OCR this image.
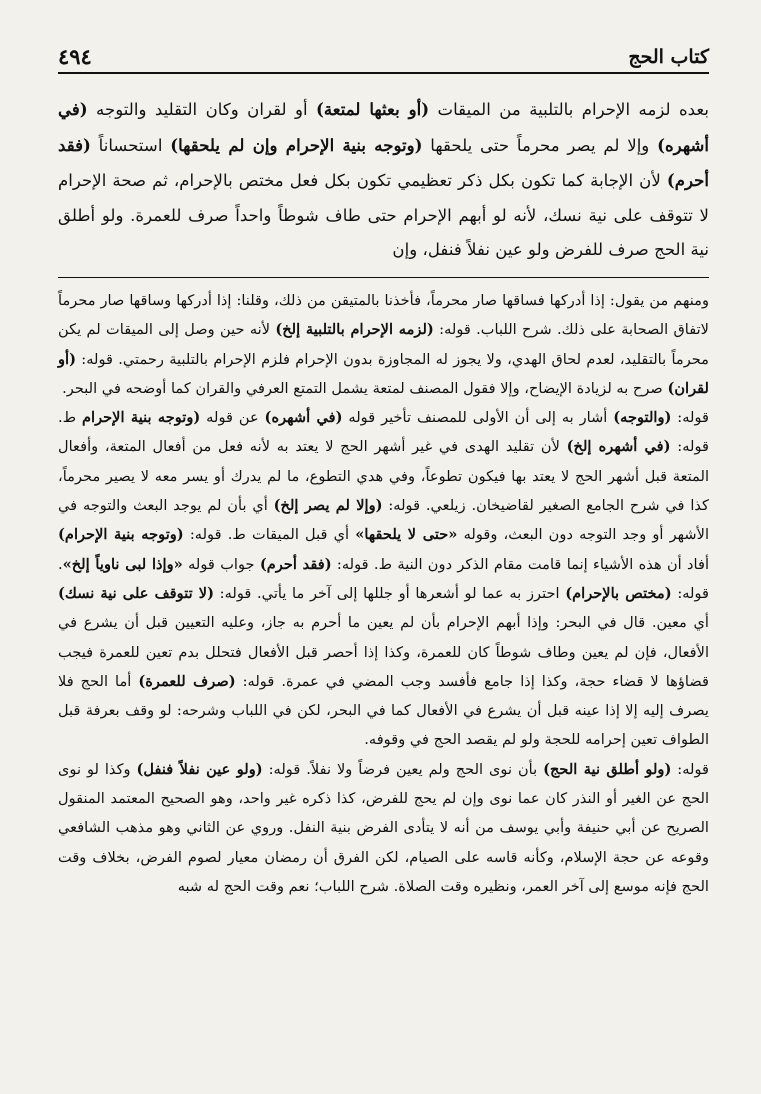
كتاب الحج
٤٩٤

بعده لزمه الإحرام بالتلبية من الميقات (أو بعثها لمتعة) أو لقران وكان التقليد والتوجه (في أشهره) وإلا لم يصر محرماً حتى يلحقها (وتوجه بنية الإحرام وإن لم يلحقها) استحساناً (فقد أحرم) لأن الإجابة كما تكون بكل ذكر تعظيمي تكون بكل فعل مختص بالإحرام، ثم صحة الإحرام لا تتوقف على نية نسك، لأنه لو أبهم الإحرام حتى طاف شوطاً واحداً صرف للعمرة. ولو أطلق نية الحج صرف للفرض ولو عين نفلاً فنفل، وإن

ومنهم من يقول: إذا أدركها فساقها صار محرماً، فأخذنا بالمتيقن من ذلك، وقلنا: إذا أدركها وساقها صار محرماً لاتفاق الصحابة على ذلك. شرح اللباب. قوله: (لزمه الإحرام بالتلبية إلخ) لأنه حين وصل إلى الميقات لم يكن محرماً بالتقليد، لعدم لحاق الهدي، ولا يجوز له المجاوزة بدون الإحرام فلزم الإحرام بالتلبية رحمتي. قوله: (أو لقران) صرح به لزيادة الإيضاح، وإلا فقول المصنف لمتعة يشمل التمتع العرفي والقران كما أوضحه في البحر.

قوله: (والتوجه) أشار به إلى أن الأولى للمصنف تأخير قوله (في أشهره) عن قوله (وتوجه بنية الإحرام ط. قوله: (في أشهره إلخ) لأن تقليد الهدى في غير أشهر الحج لا يعتد به لأنه فعل من أفعال المتعة، وأفعال المتعة قبل أشهر الحج لا يعتد بها فيكون تطوعاً، وفي هدي التطوع، ما لم يدرك أو يسر معه لا يصير محرماً، كذا في شرح الجامع الصغير لقاضيخان. زيلعي. قوله: (وإلا لم يصر إلخ) أي بأن لم يوجد البعث والتوجه في الأشهر أو وجد التوجه دون البعث، وقوله «حتى لا يلحقها» أي قبل الميقات ط. قوله: (وتوجه بنية الإحرام) أفاد أن هذه الأشياء إنما قامت مقام الذكر دون النية ط. قوله: (فقد أحرم) جواب قوله «وإذا لبى ناوياً إلخ». قوله: (مختص بالإحرام) احترز به عما لو أشعرها أو جللها إلى آخر ما يأتي. قوله: (لا تتوقف على نية نسك) أي معين. قال في البحر: وإذا أبهم الإحرام بأن لم يعين ما أحرم به جاز، وعليه التعيين قبل أن يشرع في الأفعال، فإن لم يعين وطاف شوطاً كان للعمرة، وكذا إذا أحصر قبل الأفعال فتحلل بدم تعين للعمرة فيجب قضاؤها لا قضاء حجة، وكذا إذا جامع فأفسد وجب المضي في عمرة. قوله: (صرف للعمرة) أما الحج فلا يصرف إليه إلا إذا عينه قبل أن يشرع في الأفعال كما في البحر، لكن في اللباب وشرحه: لو وقف بعرفة قبل الطواف تعين إحرامه للحجة ولو لم يقصد الحج في وقوفه.

قوله: (ولو أطلق نية الحج) بأن نوى الحج ولم يعين فرضاً ولا نفلاً. قوله: (ولو عين نفلاً فنفل) وكذا لو نوى الحج عن الغير أو النذر كان عما نوى وإن لم يحج للفرض، كذا ذكره غير واحد، وهو الصحيح المعتمد المنقول الصريح عن أبي حنيفة وأبي يوسف من أنه لا يتأدى الفرض بنية النفل. وروي عن الثاني وهو مذهب الشافعي وقوعه عن حجة الإسلام، وكأنه قاسه على الصيام، لكن الفرق أن رمضان معيار لصوم الفرض، بخلاف وقت الحج فإنه موسع إلى آخر العمر، ونظيره وقت الصلاة. شرح اللباب؛ نعم وقت الحج له شبه
